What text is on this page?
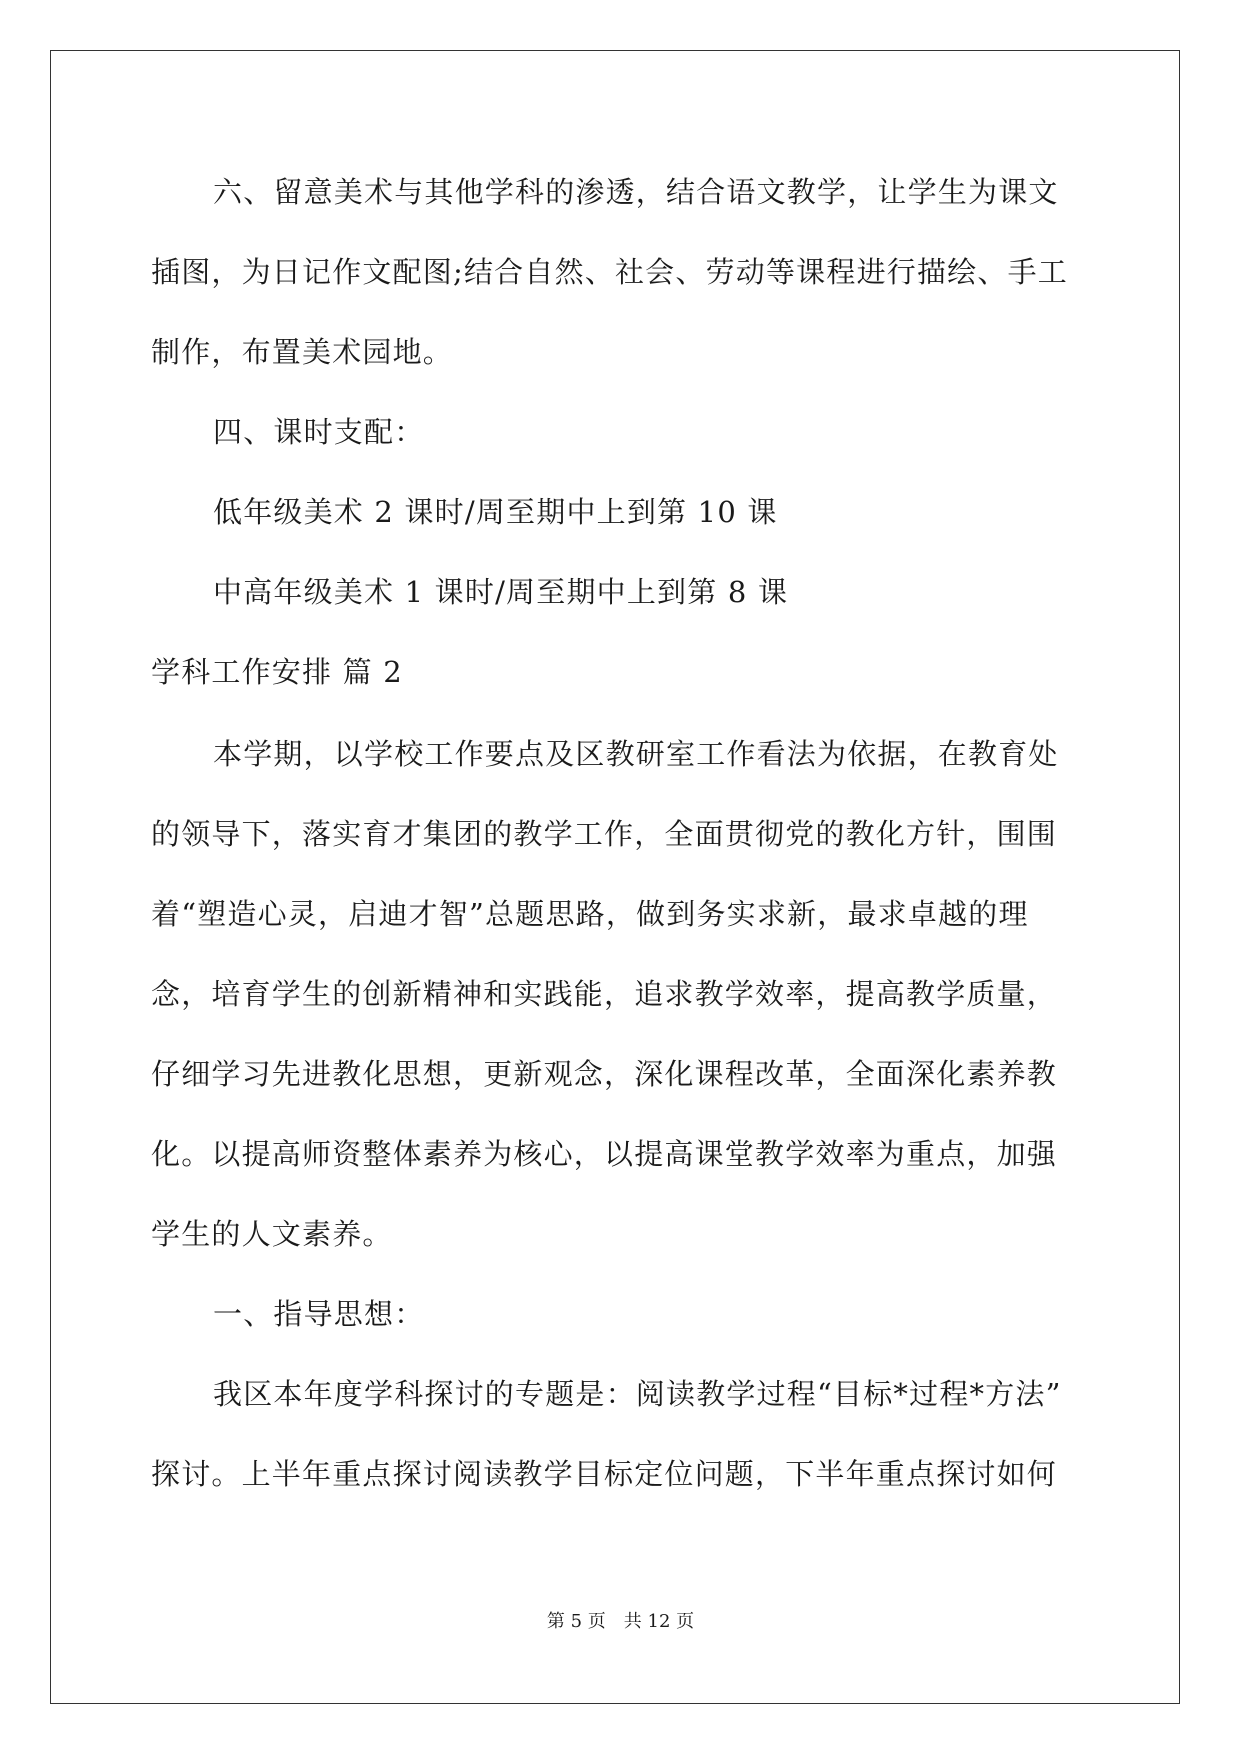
六、留意美术与其他学科的渗透，结合语文教学，让学生为课文
插图，为日记作文配图;结合自然、社会、劳动等课程进行描绘、手工
制作，布置美术园地。
四、课时支配：
低年级美术 2 课时/周至期中上到第 10 课
中高年级美术 1 课时/周至期中上到第 8 课
学科工作安排 篇 2
本学期，以学校工作要点及区教研室工作看法为依据，在教育处
的领导下，落实育才集团的教学工作，全面贯彻党的教化方针，围围
着“塑造心灵，启迪才智”总题思路，做到务实求新，最求卓越的理
念，培育学生的创新精神和实践能，追求教学效率，提高教学质量，
仔细学习先进教化思想，更新观念，深化课程改革，全面深化素养教
化。以提高师资整体素养为核心，以提高课堂教学效率为重点，加强
学生的人文素养。
一、指导思想：
我区本年度学科探讨的专题是：阅读教学过程“目标*过程*方法”
探讨。上半年重点探讨阅读教学目标定位问题，下半年重点探讨如何
第 5 页 共 12 页
